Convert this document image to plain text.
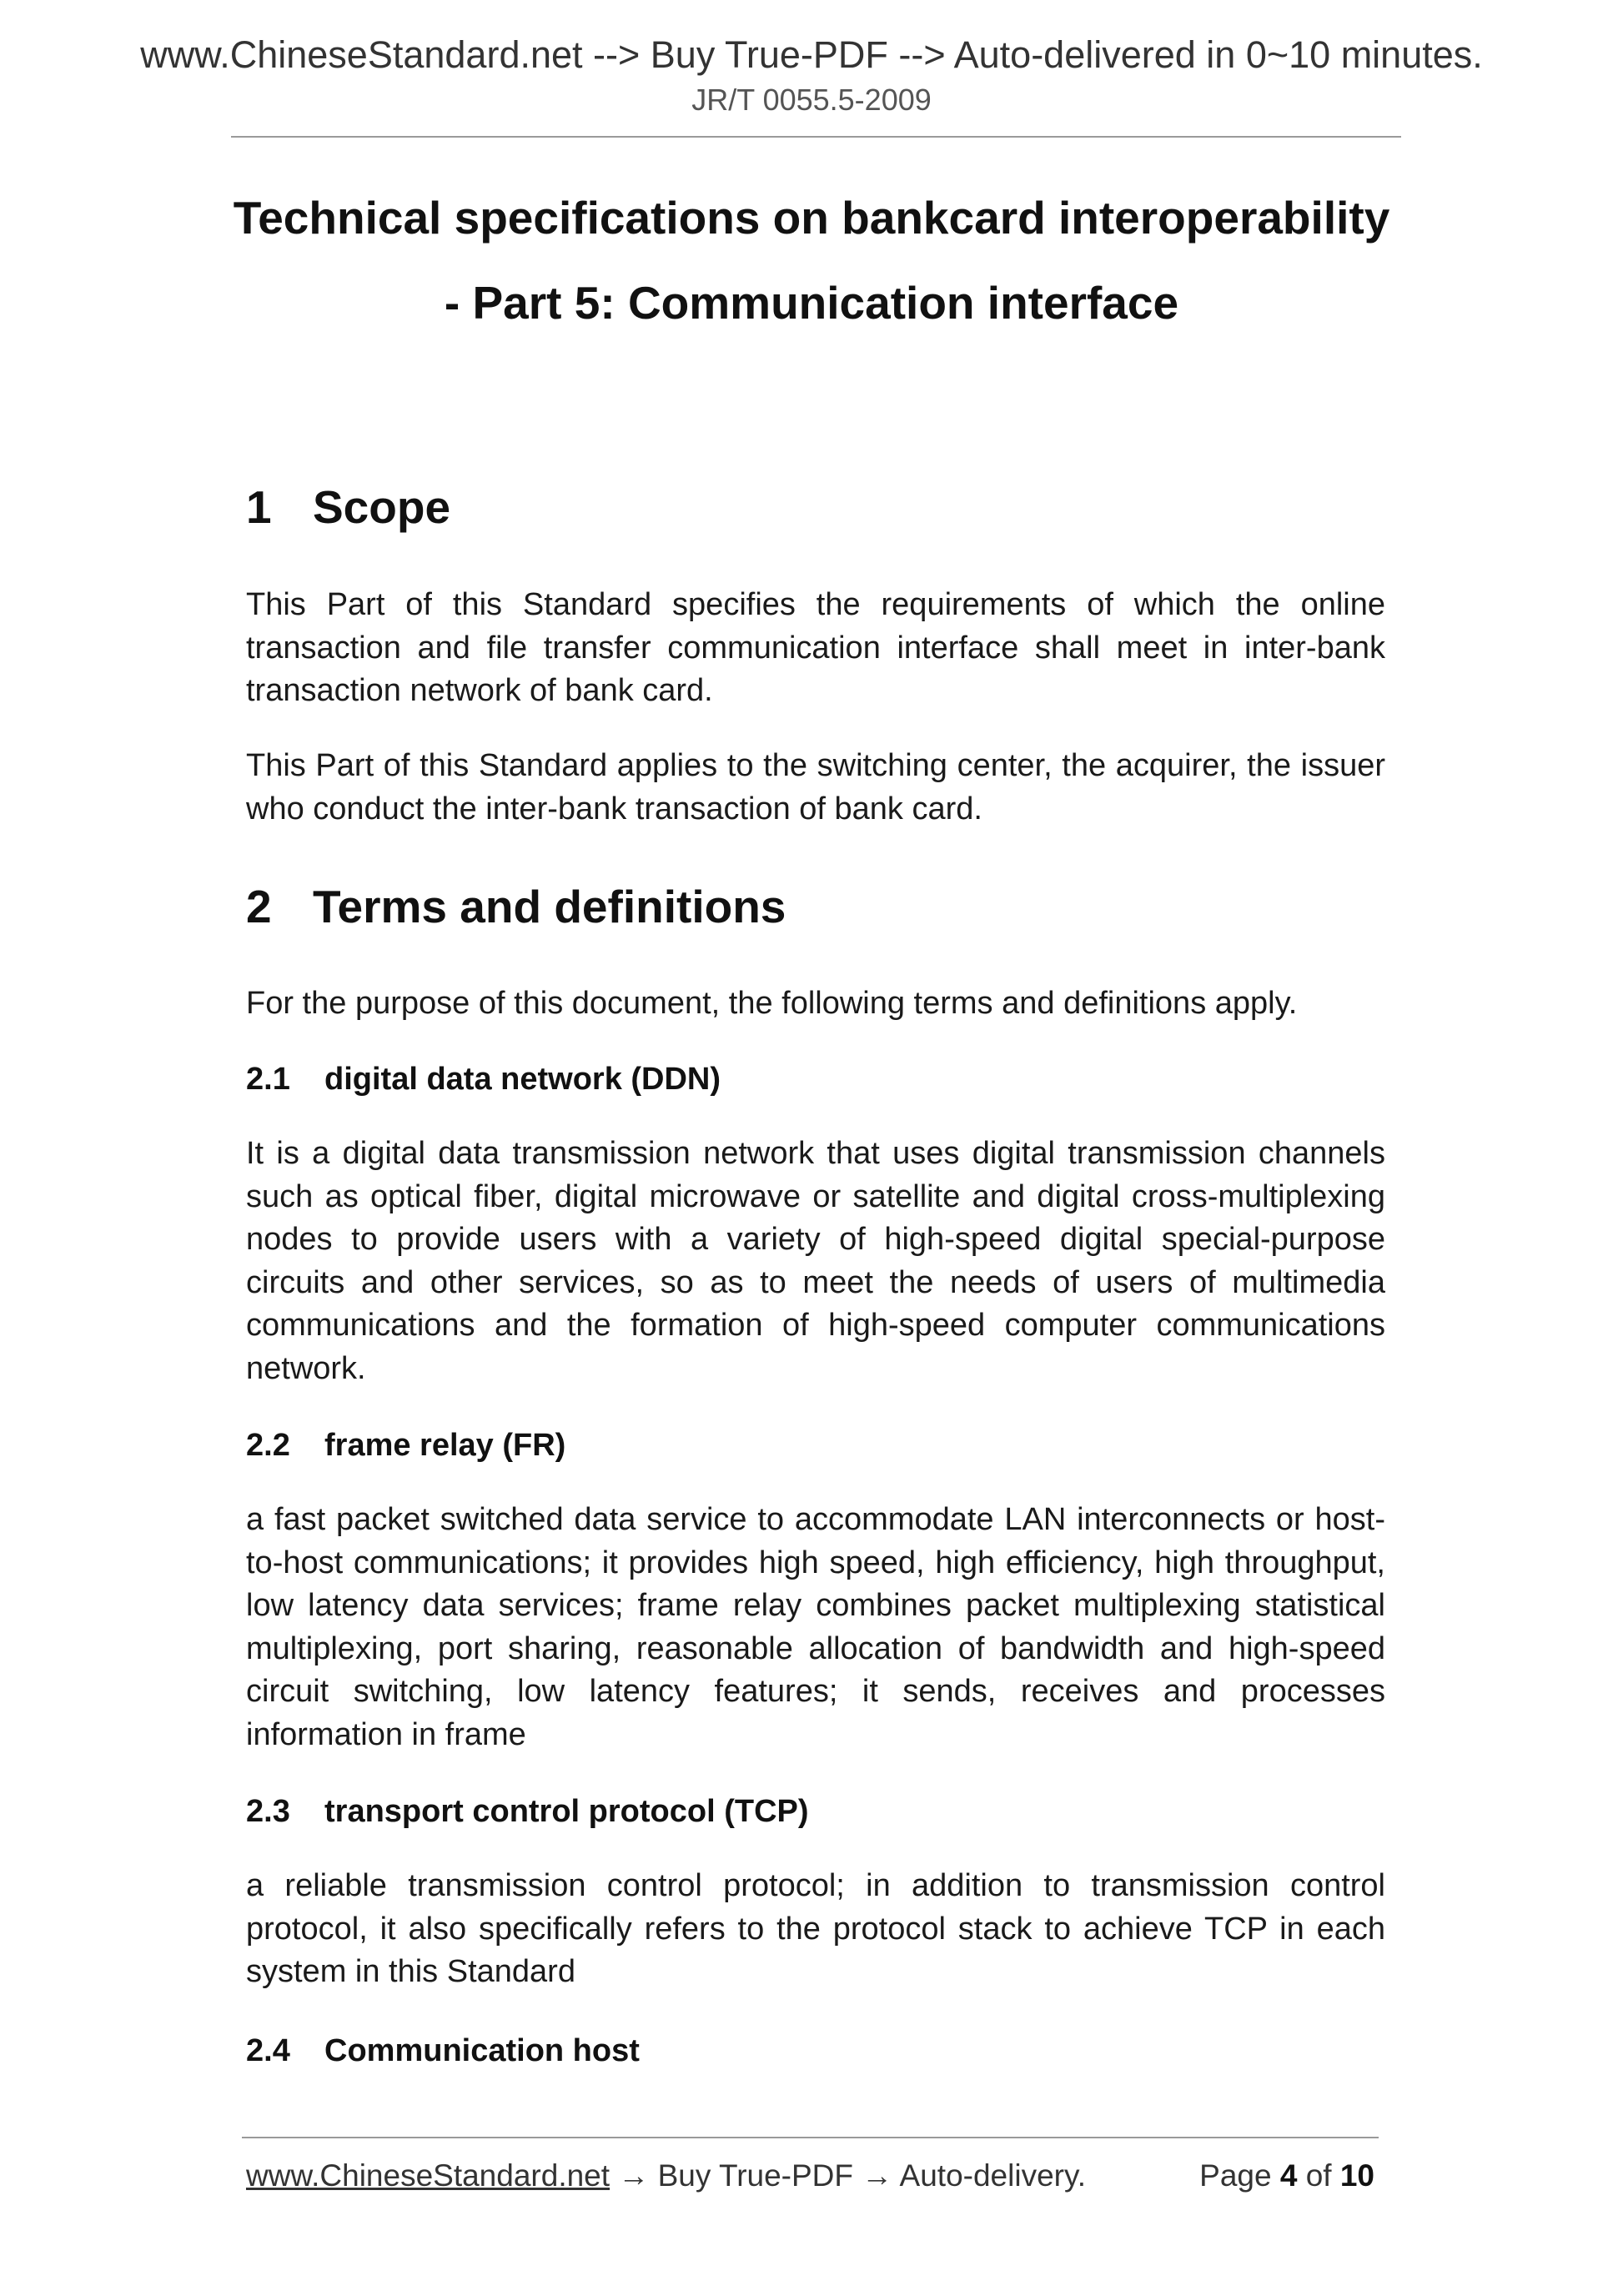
www.ChineseStandard.net --> Buy True-PDF --> Auto-delivered in 0~10 minutes.
JR/T 0055.5-2009
Technical specifications on bankcard interoperability
- Part 5: Communication interface
1 Scope

This Part of this Standard specifies the requirements of which the online transaction and file transfer communication interface shall meet in inter-bank transaction network of bank card.

This Part of this Standard applies to the switching center, the acquirer, the issuer who conduct the inter-bank transaction of bank card.

2 Terms and definitions

For the purpose of this document, the following terms and definitions apply.

2.1 digital data network (DDN)

It is a digital data transmission network that uses digital transmission channels such as optical fiber, digital microwave or satellite and digital cross-multiplexing nodes to provide users with a variety of high-speed digital special-purpose circuits and other services, so as to meet the needs of users of multimedia communications and the formation of high-speed computer communications network.

2.2 frame relay (FR)

a fast packet switched data service to accommodate LAN interconnects or host-to-host communications; it provides high speed, high efficiency, high throughput, low latency data services; frame relay combines packet multiplexing statistical multiplexing, port sharing, reasonable allocation of bandwidth and high-speed circuit switching, low latency features; it sends, receives and processes information in frame

2.3 transport control protocol (TCP)

a reliable transmission control protocol; in addition to transmission control protocol, it also specifically refers to the protocol stack to achieve TCP in each system in this Standard

2.4 Communication host
www.ChineseStandard.net → Buy True-PDF → Auto-delivery.	Page 4 of 10
